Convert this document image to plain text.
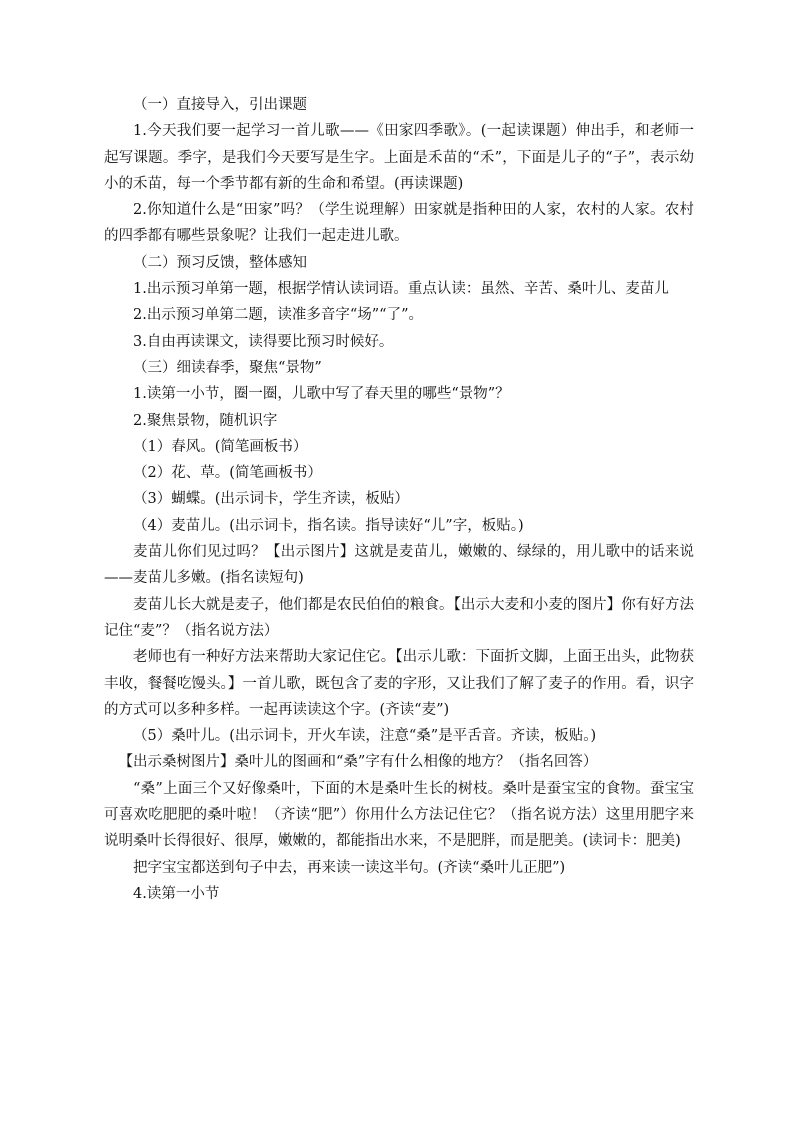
（一）直接导入，引出课题

1.今天我们要一起学习一首儿歌——《田家四季歌》。(一起读课题）伸出手，和老师一起写课题。季字，是我们今天要写是生字。上面是禾苗的“禾”，下面是儿子的“子”，表示幼小的禾苗，每一个季节都有新的生命和希望。(再读课题)

2.你知道什么是“田家”吗？（学生说理解）田家就是指种田的人家，农村的人家。农村的四季都有哪些景象呢？让我们一起走进儿歌。

（二）预习反馈，整体感知

1.出示预习单第一题，根据学情认读词语。重点认读：虽然、辛苦、桑叶儿、麦苗儿

2.出示预习单第二题，读准多音字“场”“了”。

3.自由再读课文，读得要比预习时候好。

（三）细读春季，聚焦“景物”

1.读第一小节，圈一圈，儿歌中写了春天里的哪些“景物”？

2.聚焦景物，随机识字

（1）春风。(简笔画板书）

（2）花、草。(简笔画板书）

（3）蝴蝶。(出示词卡，学生齐读，板贴）

（4）麦苗儿。(出示词卡，指名读。指导读好“儿”字，板贴。)

麦苗儿你们见过吗？【出示图片】这就是麦苗儿，嫩嫩的、绿绿的，用儿歌中的话来说——麦苗儿多嫩。(指名读短句)

麦苗儿长大就是麦子，他们都是农民伯伯的粮食。【出示大麦和小麦的图片】你有好方法记住“麦”？（指名说方法）

老师也有一种好方法来帮助大家记住它。【出示儿歌：下面折文脚，上面王出头，此物获丰收，餐餐吃馒头。】一首儿歌，既包含了麦的字形，又让我们了解了麦子的作用。看，识字的方式可以多种多样。一起再读读这个字。(齐读“麦”)

（5）桑叶儿。(出示词卡，开火车读，注意“桑”是平舌音。齐读，板贴。)

【出示桑树图片】桑叶儿的图画和“桑”字有什么相像的地方？（指名回答）

“桑”上面三个又好像桑叶，下面的木是桑叶生长的树枝。桑叶是蚕宝宝的食物。蚕宝宝可喜欢吃肥肥的桑叶啦！（齐读“肥”）你用什么方法记住它？（指名说方法）这里用肥字来说明桑叶长得很好、很厚，嫩嫩的，都能指出水来，不是肥胖，而是肥美。(读词卡：肥美)

把字宝宝都送到句子中去，再来读一读这半句。(齐读“桑叶儿正肥”)

4.读第一小节
